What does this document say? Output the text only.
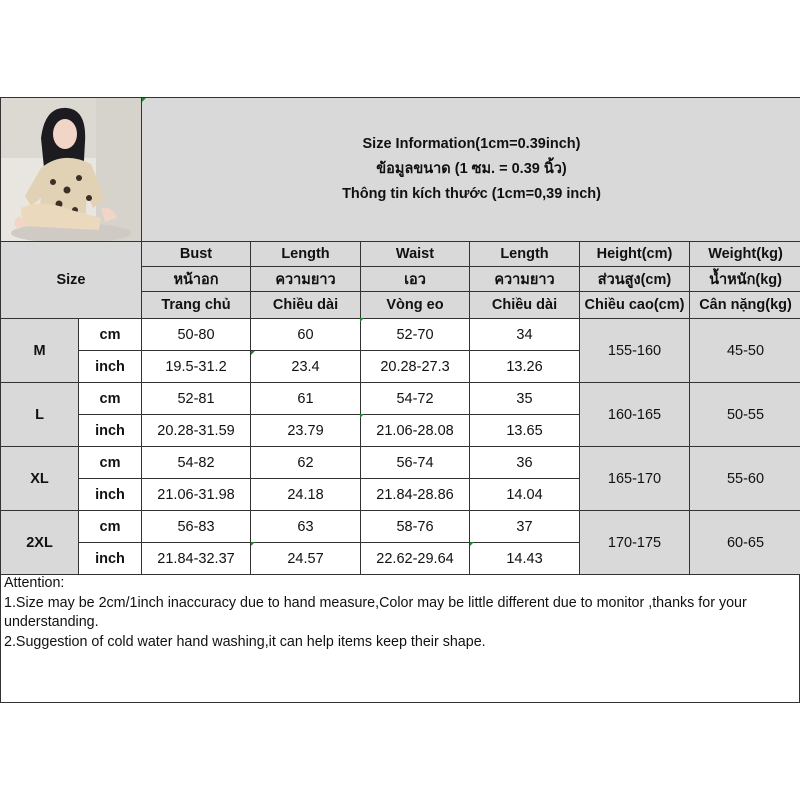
Size Information(1cm=0.39inch)
ข้อมูลขนาด (1 ซม. = 0.39 นิ้ว)
Thông tin kích thước (1cm=0,39 inch)					

Size		Bust	Length	Waist	Length	Height(cm)	Weight(kg)
		หน้าอก	ความยาว	เอว	ความยาว	ส่วนสูง(cm)	น้ำหนัก(kg)
		Trang chủ	Chiều dài	Vòng eo	Chiều dài	Chiều cao(cm)	Cân nặng(kg)
M	cm	50-80	60	52-70	34	155-160	45-50
	inch	19.5-31.2	23.4	20.28-27.3	13.26		
L	cm	52-81	61	54-72	35	160-165	50-55
	inch	20.28-31.59	23.79	21.06-28.08	13.65		
XL	cm	54-82	62	56-74	36	165-170	55-60
	inch	21.06-31.98	24.18	21.84-28.86	14.04		
2XL	cm	56-83	63	58-76	37	170-175	60-65
	inch	21.84-32.37	24.57	22.62-29.64	14.43		
Attention:
1.Size may be 2cm/1inch inaccuracy due to hand measure,Color may be little different due to monitor ,thanks for your understanding.
2.Suggestion of cold water hand washing,it can help items keep their shape.
